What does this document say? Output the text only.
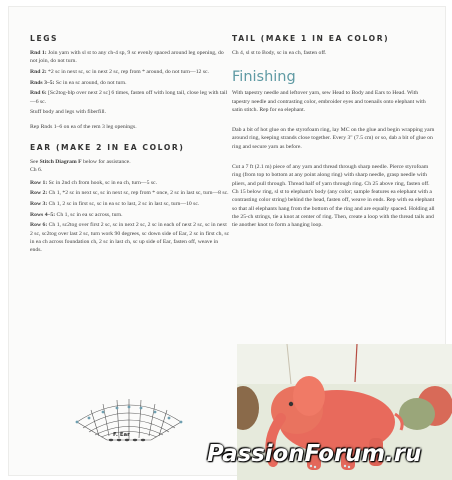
LEGS
Rnd 1: Join yarn with sl st to any ch-4 sp, 9 sc evenly spaced around leg opening, do not join, do not turn.
Rnd 2: *2 sc in next sc, sc in next 2 sc, rep from * around, do not turn—12 sc.
Rnds 3–5: Sc in ea sc around, do not turn.
Rnd 6: [Sc2tog-blp over next 2 sc] 6 times, fasten off with long tail, close leg with tail—6 sc.

Stuff body and legs with fiberfill.

Rep Rnds 1–6 on ea of the rem 3 leg openings.

EAR (MAKE 2 IN EA COLOR)

See Stitch Diagram F below for assistance.

Ch 6.

Row 1: Sc in 2nd ch from hook, sc in ea ch, turn—5 sc.
Row 2: Ch 1, *2 sc in next sc, sc in next sc, rep from * once, 2 sc in last sc, turn—8 sc.
Row 3: Ch 1, 2 sc in first sc, sc in ea sc to last, 2 sc in last sc, turn—10 sc.
Rows 4–5: Ch 1, sc in ea sc across, turn.
Row 6: Ch 1, sc2tog over first 2 sc, sc in next 2 sc, 2 sc in each of next 2 sc, sc in next 2 sc, sc2tog over last 2 sc, turn work 90 degrees, sc down side of Ear, 2 sc in first ch, sc in ea ch across foundation ch, 2 sc in last ch, sc up side of Ear, fasten off, weave in ends.
F. Ear
TAIL (MAKE 1 IN EA COLOR)

Ch 4, sl st to Body, sc in ea ch, fasten off.

Finishing

With tapestry needle and leftover yarn, sew Head to Body and Ears to Head. With tapestry needle and contrasting color, embroider eyes and toenails onto elephant with satin stitch. Rep for ea elephant.

Dab a bit of hot glue on the styrofoam ring, lay MC on the glue and begin wrapping yarn around ring, keeping strands close together. Every 3" (7.5 cm) or so, dab a bit of glue on ring and secure yarn as before.

Cut a 7 ft (2.1 m) piece of any yarn and thread through sharp needle. Pierce styrofoam ring (from top to bottom at any point along ring) with sharp needle, grasp needle with pliers, and pull through. Thread half of yarn through ring. Ch 25 above ring, fasten off. Ch 15 below ring, sl st to elephant's body (any color; sample features ea elephant with a contrasting color string) behind the head, fasten off, weave in ends. Rep with ea elephant so that all elephants hang from the bottom of the ring and are equally spaced. Holding all the 25-ch strings, tie a knot at center of ring. Then, create a loop with the thread tails and tie another knot to form a hanging loop.

PassionForum.ru
